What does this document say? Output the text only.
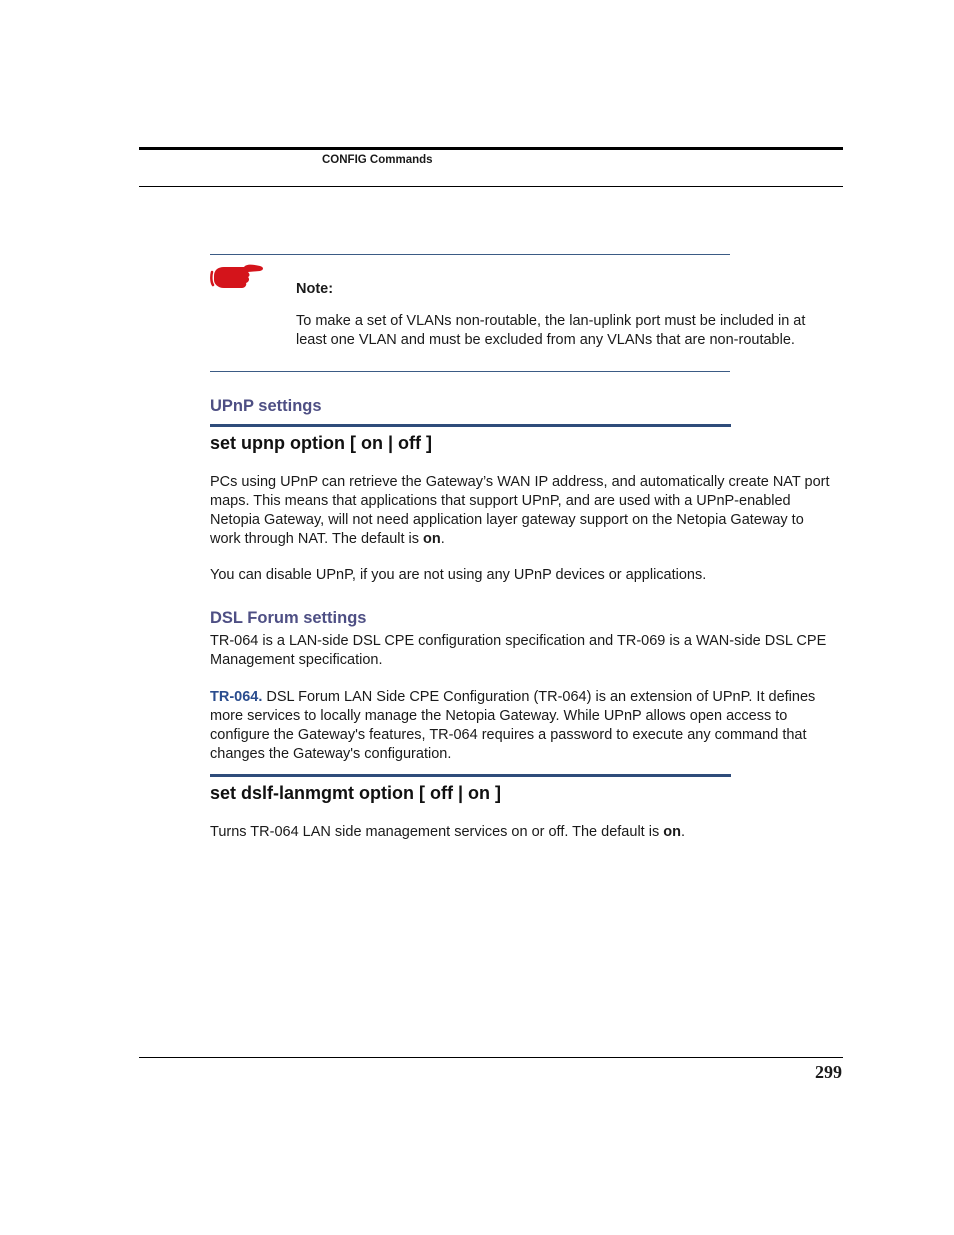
CONFIG Commands
Note:
To make a set of VLANs non-routable, the lan-uplink port must be included in at least one VLAN and must be excluded from any VLANs that are non-routable.
UPnP settings
set upnp option [ on | off ]
PCs using UPnP can retrieve the Gateway’s WAN IP address, and automatically create NAT port maps. This means that applications that support UPnP, and are used with a UPnP-enabled Netopia Gateway, will not need application layer gateway support on the Netopia Gateway to work through NAT. The default is on.
You can disable UPnP, if you are not using any UPnP devices or applications.
DSL Forum settings
TR-064 is a LAN-side DSL CPE configuration specification and TR-069 is a WAN-side DSL CPE Management specification.
TR-064. DSL Forum LAN Side CPE Configuration (TR-064) is an extension of UPnP. It defines more services to locally manage the Netopia Gateway. While UPnP allows open access to configure the Gateway's features, TR-064 requires a password to execute any command that changes the Gateway's configuration.
set dslf-lanmgmt option [ off | on ]
Turns TR-064 LAN side management services on or off. The default is on.
299
